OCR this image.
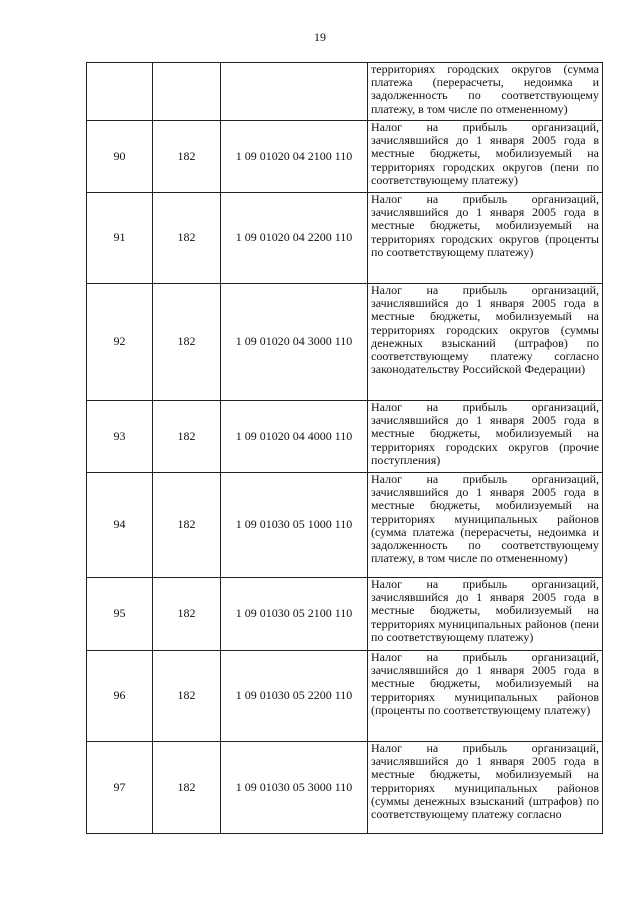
19
			территориях городских округов (сумма платежа (перерасчеты, недоимка и задолженность по соответствующему платежу, в том числе по отмененному)
90	182	1 09 01020 04 2100 110	Налог на прибыль организаций, зачислявшийся до 1 января 2005 года в местные бюджеты, мобилизуемый на территориях городских округов (пени по соответствующему платежу)
91	182	1 09 01020 04 2200 110	Налог на прибыль организаций, зачислявшийся до 1 января 2005 года в местные бюджеты, мобилизуемый на территориях городских округов (проценты по соответствующему платежу)
92	182	1 09 01020 04 3000 110	Налог на прибыль организаций, зачислявшийся до 1 января 2005 года в местные бюджеты, мобилизуемый на территориях городских округов (суммы денежных взысканий (штрафов) по соответствующему платежу согласно законодательству Российской Федерации)
93	182	1 09 01020 04 4000 110	Налог на прибыль организаций, зачислявшийся до 1 января 2005 года в местные бюджеты, мобилизуемый на территориях городских округов (прочие поступления)
94	182	1 09 01030 05 1000 110	Налог на прибыль организаций, зачислявшийся до 1 января 2005 года в местные бюджеты, мобилизуемый на территориях муниципальных районов (сумма платежа (перерасчеты, недоимка и задолженность по соответствующему платежу, в том числе по отмененному)
95	182	1 09 01030 05 2100 110	Налог на прибыль организаций, зачислявшийся до 1 января 2005 года в местные бюджеты, мобилизуемый на территориях муниципальных районов (пени по соответствующему платежу)
96	182	1 09 01030 05 2200 110	Налог на прибыль организаций, зачислявшийся до 1 января 2005 года в местные бюджеты, мобилизуемый на территориях муниципальных районов (проценты по соответствующему платежу)
97	182	1 09 01030 05 3000 110	Налог на прибыль организаций, зачислявшийся до 1 января 2005 года в местные бюджеты, мобилизуемый на территориях муниципальных районов (суммы денежных взысканий (штрафов) по соответствующему платежу согласно
